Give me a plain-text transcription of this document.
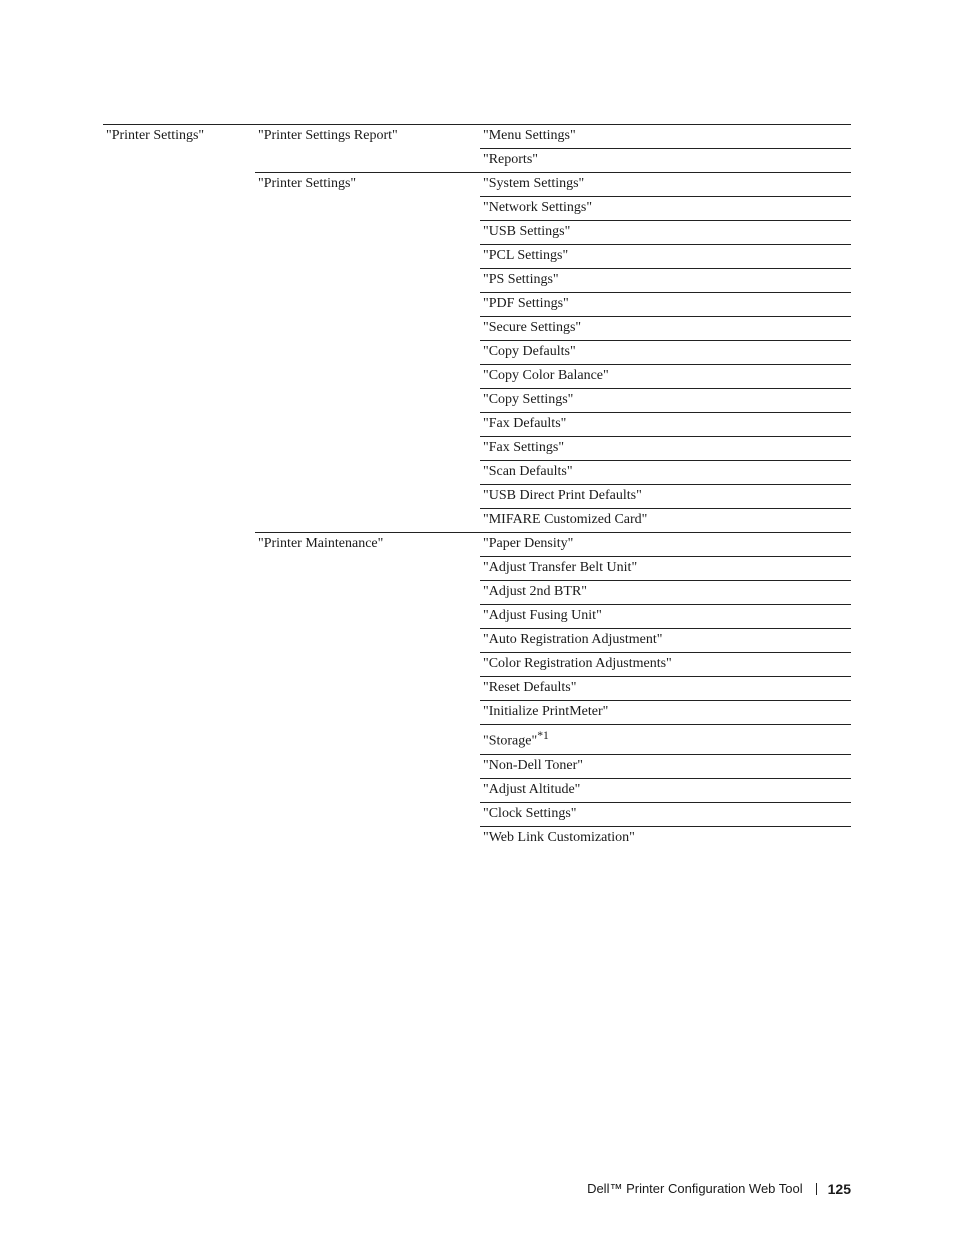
"Printer Settings"	"Printer Settings Report"	"Menu Settings"
		"Reports"
	"Printer Settings"	"System Settings"
		"Network Settings"
		"USB Settings"
		"PCL Settings"
		"PS Settings"
		"PDF Settings"
		"Secure Settings"
		"Copy Defaults"
		"Copy Color Balance"
		"Copy Settings"
		"Fax Defaults"
		"Fax Settings"
		"Scan Defaults"
		"USB Direct Print Defaults"
		"MIFARE Customized Card"
	"Printer Maintenance"	"Paper Density"
		"Adjust Transfer Belt Unit"
		"Adjust 2nd BTR"
		"Adjust Fusing Unit"
		"Auto Registration Adjustment"
		"Color Registration Adjustments"
		"Reset Defaults"
		"Initialize PrintMeter"
		"Storage"$^{*1}$
		"Non-Dell Toner"
		"Adjust Altitude"
		"Clock Settings"
		"Web Link Customization"
Dell™ Printer Configuration Web Tool 125
